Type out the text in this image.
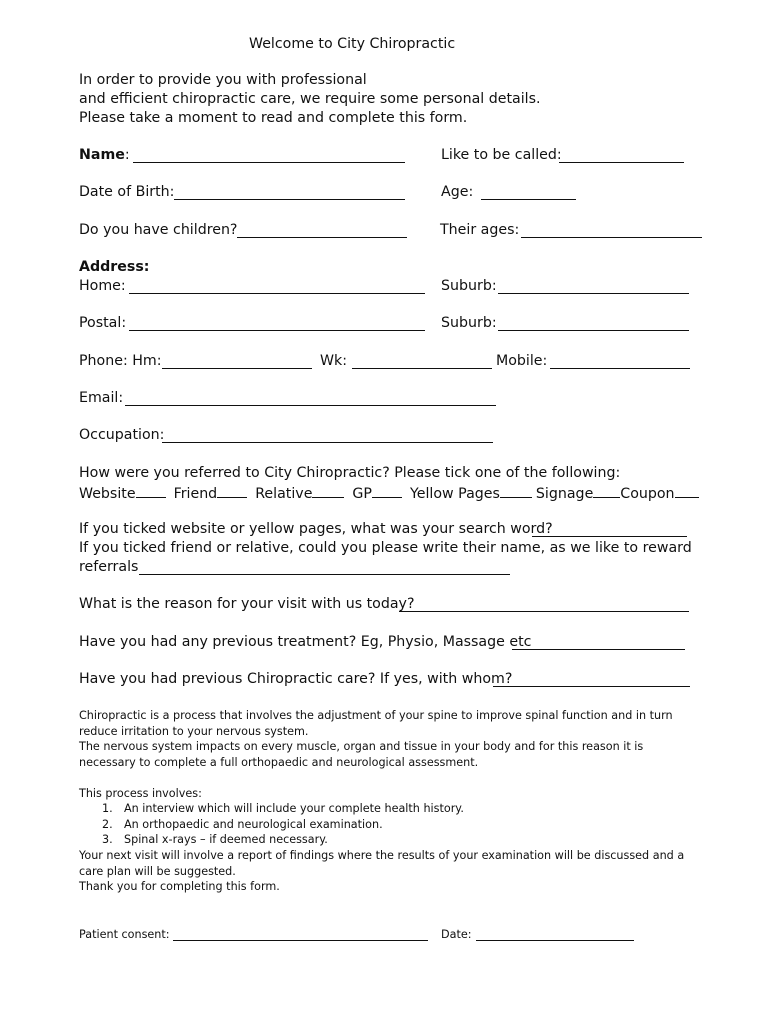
Welcome to City Chiropractic
In order to provide you with professional
and efficient chiropractic care, we require some personal details.
Please take a moment to read and complete this form.
Name:	Like to be called:
Date of Birth:	Age:
Do you have children?	Their ages:
Address:
Home:	Suburb:
Postal:	Suburb:
Phone: Hm:	Wk:	Mobile:
Email:
Occupation:
How were you referred to City Chiropractic? Please tick one of the following:
Website	Friend	Relative	GP	Yellow Pages	Signage Coupon
If you ticked website or yellow pages, what was your search word?
If you ticked friend or relative, could you please write their name, as we like to reward
referrals
What is the reason for your visit with us today?
Have you had any previous treatment? Eg, Physio, Massage etc
Have you had previous Chiropractic care? If yes, with whom?
Chiropractic is a process that involves the adjustment of your spine to improve spinal function and in turn
reduce irritation to your nervous system.
The nervous system impacts on every muscle, organ and tissue in your body and for this reason it is
necessary to complete a full orthopaedic and neurological assessment.
This process involves:
1. An interview which will include your complete health history.
2. An orthopaedic and neurological examination.
3. Spinal x-rays – if deemed necessary.
Your next visit will involve a report of findings where the results of your examination will be discussed and a
care plan will be suggested.
Thank you for completing this form.
Patient consent:	Date:
